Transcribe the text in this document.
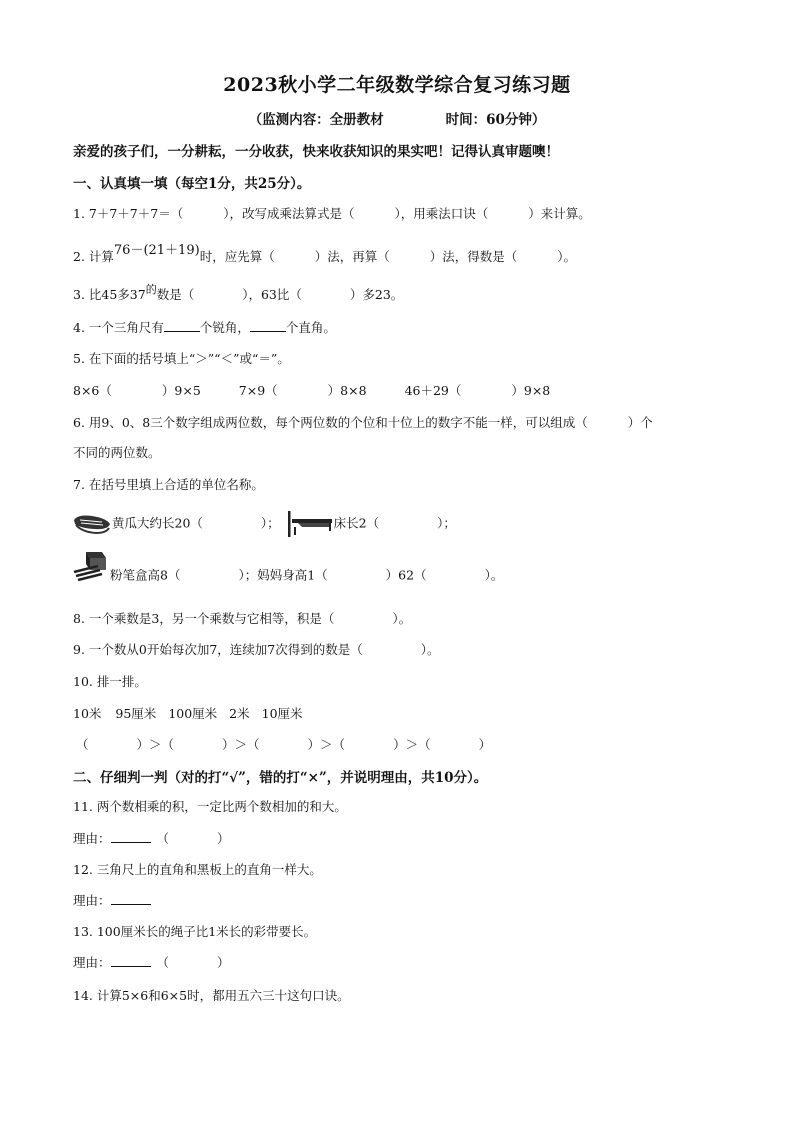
2023秋小学二年级数学综合复习练习题
（监测内容：全册教材	时间：60分钟）
亲爱的孩子们，一分耕耘，一分收获，快来收获知识的果实吧！记得认真审题噢！
一、认真填一填（每空1分，共25分）。
1. 7＋7＋7＋7＝（	），改写成乘法算式是（	），用乘法口诀（	）来计算。
2. 计算76－(21＋19)时，应先算（	）法，再算（	）法，得数是（	）。
3. 比45多37的数是（	），63比（	）多23。
4. 一个三角尺有	个锐角，	个直角。
5. 在下面的括号填上“＞”“＜”或“＝”。
8×6（	）9×5	7×9（	）8×8	46＋29（	）9×8
6. 用9、0、8三个数字组成两位数，每个两位数的个位和十位上的数字不能一样，可以组成（	）个
不同的两位数。
7. 在括号里填上合适的单位名称。
黄瓜大约长20（	）；	床长2（	）；
粉笔盒高8（	）；妈妈身高1（	）62（	）。
8. 一个乘数是3，另一个乘数与它相等，积是（	）。
9. 一个数从0开始每次加7，连续加7次得到的数是（	）。
10. 排一排。
10米 95厘米 100厘米 2米 10厘米
（	）＞（	）＞（	）＞（	）＞（	）
二、仔细判一判（对的打“√”，错的打“×”，并说明理由，共10分）。
11. 两个数相乘的积，一定比两个数相加的和大。
理由：	（	）
12. 三角尺上的直角和黑板上的直角一样大。
理由：
13. 100厘米长的绳子比1米长的彩带要长。
理由：	（	）
14. 计算5×6和6×5时，都用五六三十这句口诀。
